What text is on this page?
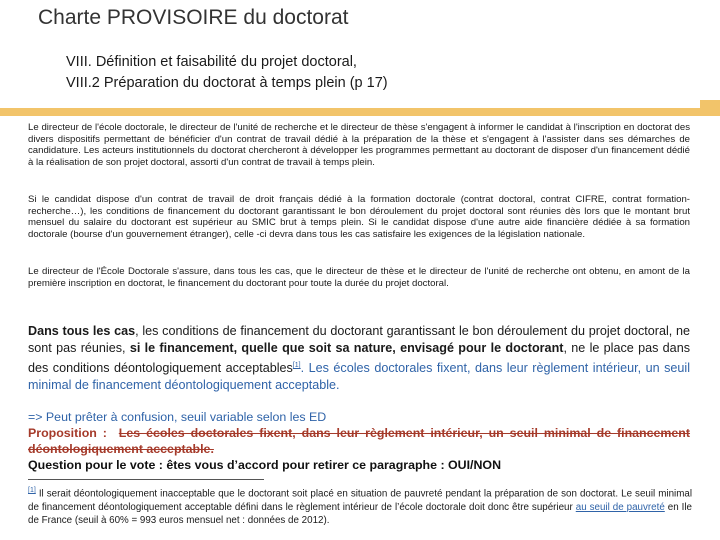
Charte PROVISOIRE du doctorat
VIII. Définition et faisabilité du projet doctoral,
VIII.2 Préparation du doctorat à temps plein (p 17)

Le directeur de l'école doctorale, le directeur de l'unité de recherche et le directeur de thèse s'engagent à informer le candidat à l'inscription en doctorat des divers dispositifs permettant de bénéficier d'un contrat de travail dédié à la préparation de la thèse et s'engagent à l'assister dans ses démarches de candidature. Les acteurs institutionnels du doctorat chercheront à développer les programmes permettant au doctorant de disposer d'un financement dédié à la réalisation de son projet doctoral, assorti d'un contrat de travail à temps plein.

Si le candidat dispose d'un contrat de travail de droit français dédié à la formation doctorale (contrat doctoral, contrat CIFRE, contrat formation-recherche…), les conditions de financement du doctorant garantissant le bon déroulement du projet doctoral sont réunies dès lors que le montant brut mensuel du salaire du doctorant est supérieur au SMIC brut à temps plein. Si le candidat dispose d'une autre aide financière dédiée à sa formation doctorale (bourse d'un gouvernement étranger), celle -ci devra dans tous les cas satisfaire les exigences de la législation nationale.

Le directeur de l'École Doctorale s'assure, dans tous les cas, que le directeur de thèse et le directeur de l'unité de recherche ont obtenu, en amont de la première inscription en doctorat, le financement du doctorant pour toute la durée du projet doctoral.

Dans tous les cas, les conditions de financement du doctorant garantissant le bon déroulement du projet doctoral, ne sont pas réunies, si le financement, quelle que soit sa nature, envisagé pour le doctorant, ne le place pas dans des conditions déontologiquement acceptables[1]. Les écoles doctorales fixent, dans leur règlement intérieur, un seuil minimal de financement déontologiquement acceptable.

=> Peut prêter à confusion, seuil variable selon les ED
Proposition : Les écoles doctorales fixent, dans leur règlement intérieur, un seuil minimal de financement déontologiquement acceptable.
Question pour le vote : êtes vous d’accord pour retirer ce paragraphe : OUI/NON

[1] Il serait déontologiquement inacceptable que le doctorant soit placé en situation de pauvreté pendant la préparation de son doctorat. Le seuil minimal de financement déontologiquement acceptable défini dans le règlement intérieur de l’école doctorale doit donc être supérieur au seuil de pauvreté en Ile de France (seuil à 60% = 993 euros mensuel net : données de 2012).
